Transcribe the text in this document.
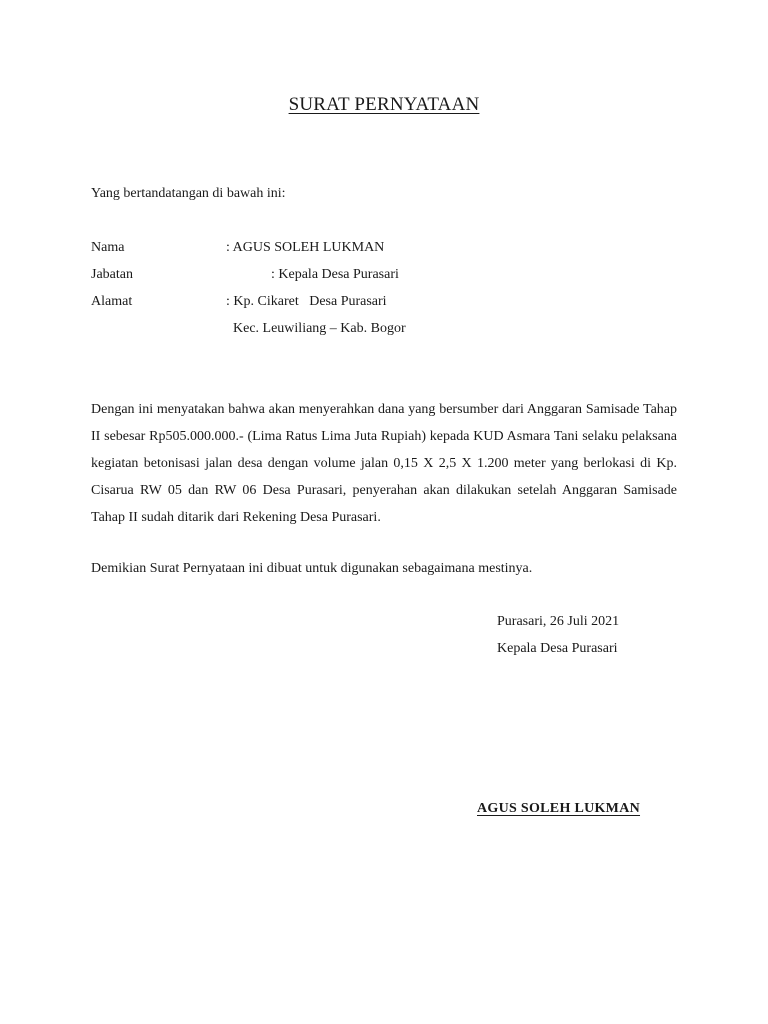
SURAT PERNYATAAN
Yang bertandatangan di bawah ini:
Nama	: AGUS SOLEH LUKMAN
Jabatan	: Kepala Desa Purasari
Alamat	: Kp. Cikaret   Desa Purasari
Kec. Leuwiliang – Kab. Bogor

Dengan ini menyatakan bahwa akan menyerahkan dana yang bersumber dari Anggaran Samisade Tahap II sebesar Rp505.000.000.- (Lima Ratus Lima Juta Rupiah) kepada KUD Asmara Tani selaku pelaksana kegiatan betonisasi jalan desa dengan volume jalan 0,15 X 2,5 X 1.200 meter yang berlokasi di Kp. Cisarua RW 05 dan RW 06 Desa Purasari, penyerahan akan dilakukan setelah Anggaran Samisade Tahap II sudah ditarik dari Rekening Desa Purasari.

Demikian Surat Pernyataan ini dibuat untuk digunakan sebagaimana mestinya.
Purasari, 26 Juli 2021
Kepala Desa Purasari
AGUS SOLEH LUKMAN
